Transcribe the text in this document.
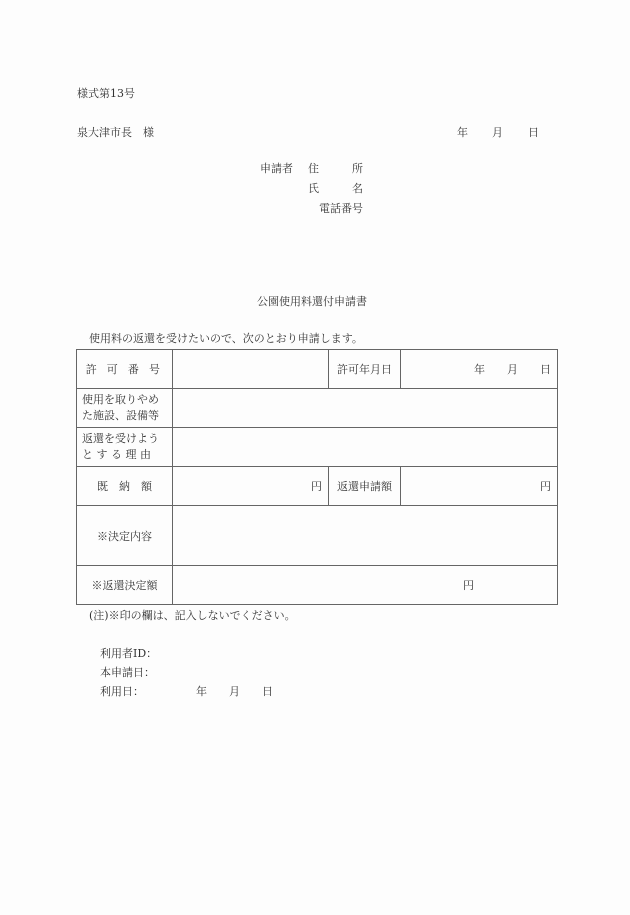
様式第13号
泉大津市長　様	年 月 日
申請者 住　　　所
氏　　　名
電話番号
公園使用料還付申請書
使用料の返還を受けたいので、次のとおり申請します。
許 可 番 号		許可年月日	年　　月　　日

使用を取りやめ
た施設、設備等			

返還を受けよう
と す る 理 由			

既　納　額	円	返還申請額	円
※決定内容			
※返還決定額	円		
(注)※印の欄は、記入しないでください。
利用者ID：
本申請日：
利用日：	年　　月　　日
